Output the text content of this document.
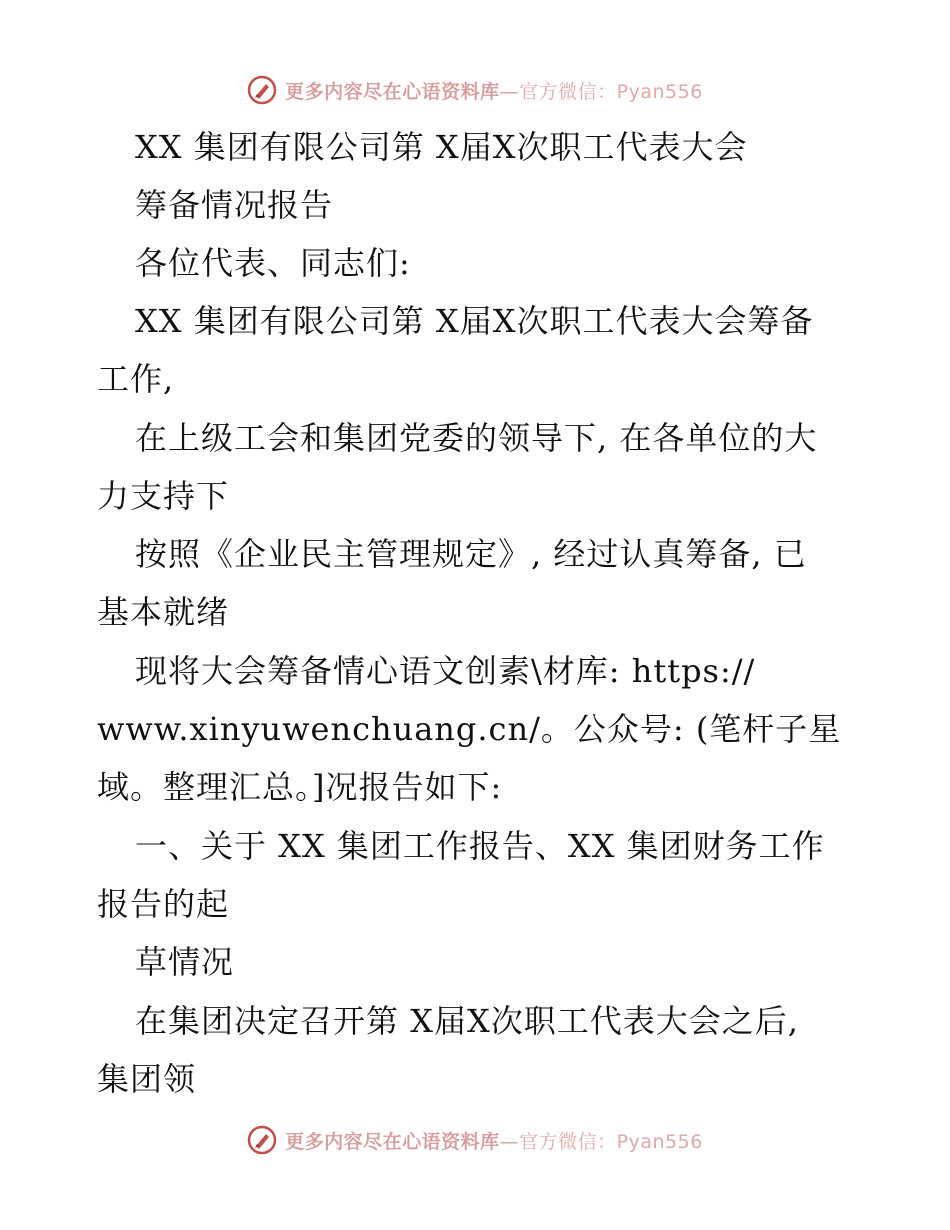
更多内容尽在心语资料库—官方微信：Pyan556
XX 集团有限公司第 X届X次职工代表大会
筹备情况报告
各位代表、同志们:
XX 集团有限公司第 X届X次职工代表大会筹备
工作,
在上级工会和集团党委的领导下, 在各单位的大
力支持下
按照《企业民主管理规定》, 经过认真筹备, 已
基本就绪
现将大会筹备情心语文创素\材库: https://
www.xinyuwenchuang.cn/。公众号: (笔杆子星
域。整理汇总。]况报告如下:
一、关于 XX 集团工作报告、XX 集团财务工作
报告的起
草情况
在集团决定召开第 X届X次职工代表大会之后,
集团领
更多内容尽在心语资料库—官方微信：Pyan556
